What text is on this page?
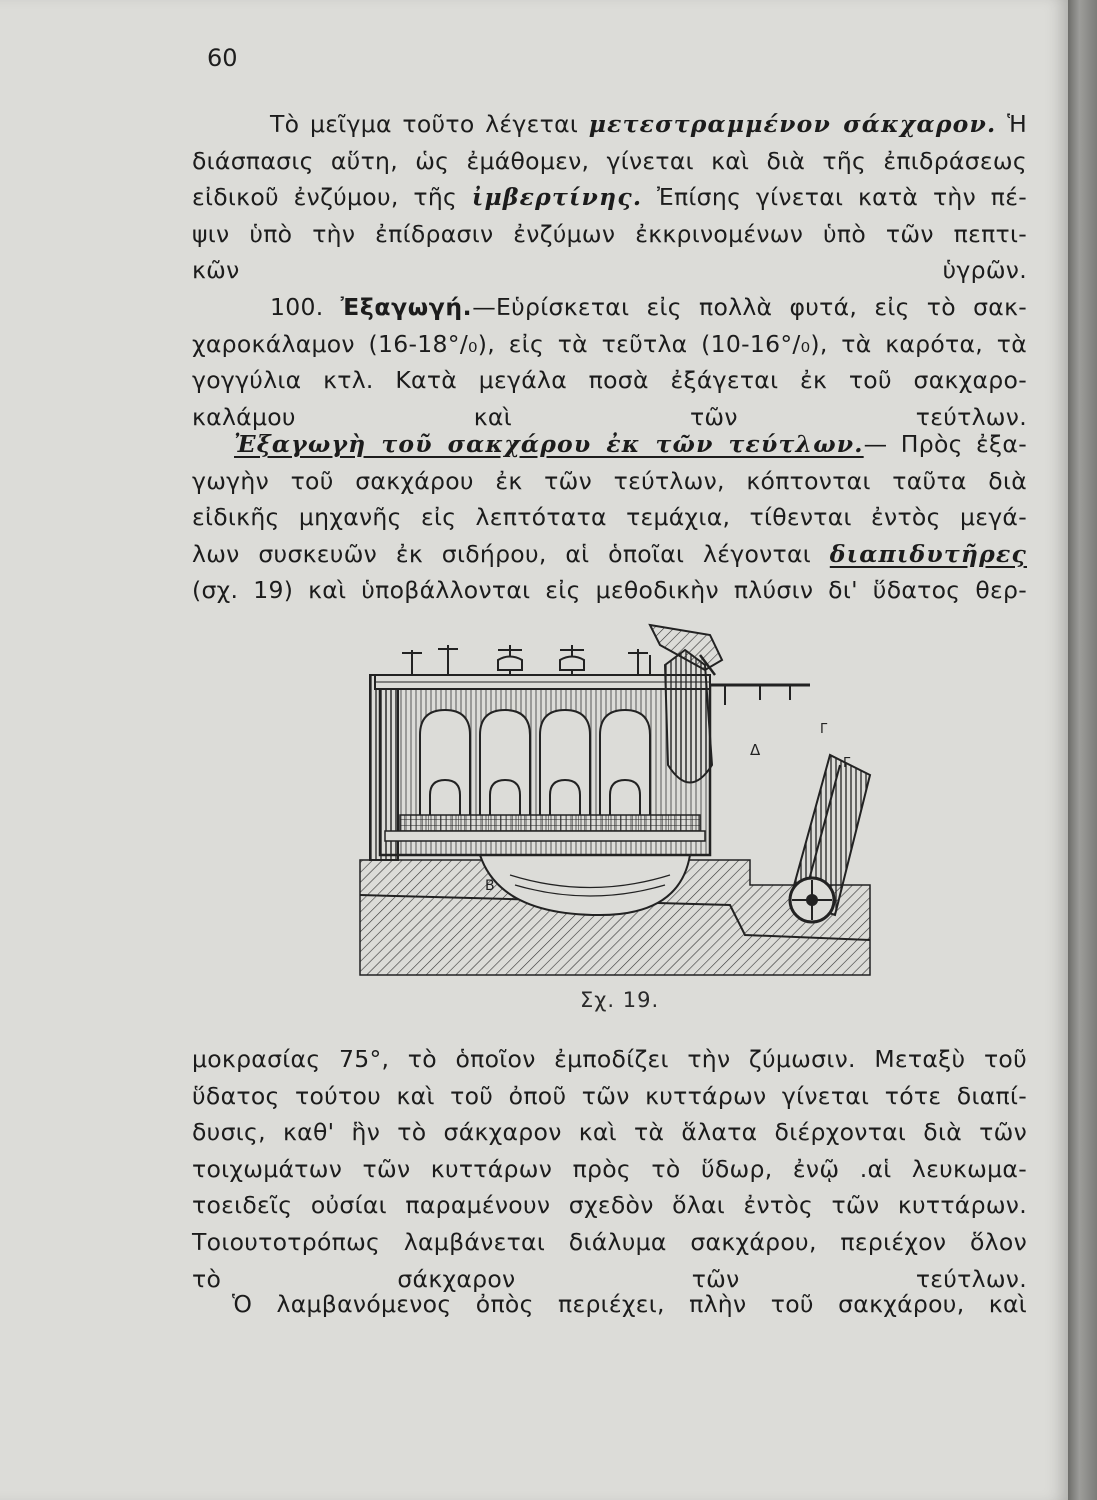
60
Τὸ μεῖγμα τοῦτο λέγεται μετεστραμμένον σάκχαρον. Ἡ
διάσπασις αὕτη, ὡς ἐμάθομεν, γίνεται καὶ διὰ τῆς ἐπιδράσεως
εἰδικοῦ ἐνζύμου, τῆς ἰμβερτίνης. Ἐπίσης γίνεται κατὰ τὴν πέ-
ψιν ὑπὸ τὴν ἐπίδρασιν ἐνζύμων ἐκκρινομένων ὑπὸ τῶν πεπτι-
κῶν ὑγρῶν.
100. Ἐξαγωγή.—Εὑρίσκεται εἰς πολλὰ φυτά, εἰς τὸ σακ-
χαροκάλαμον (16-18°/₀), εἰς τὰ τεῦτλα (10-16°/₀), τὰ καρότα, τὰ
γογγύλια κτλ. Κατὰ μεγάλα ποσὰ ἐξάγεται ἐκ τοῦ σακχαρο-
καλάμου καὶ τῶν τεύτλων.
Ἐξαγωγὴ τοῦ σακχάρου ἐκ τῶν τεύτλων.— Πρὸς ἐξα-
γωγὴν τοῦ σακχάρου ἐκ τῶν τεύτλων, κόπτονται ταῦτα διὰ
εἰδικῆς μηχανῆς εἰς λεπτότατα τεμάχια, τίθενται ἐντὸς μεγά-
λων συσκευῶν ἐκ σιδήρου, αἱ ὁποῖαι λέγονται διαπιδυτῆρες
(σχ. 19) καὶ ὑποβάλλονται εἰς μεθοδικὴν πλύσιν δι' ὕδατος θερ-
Δ
Γ
Γ
B
Σχ. 19.
μοκρασίας 75°, τὸ ὁποῖον ἐμποδίζει τὴν ζύμωσιν. Μεταξὺ τοῦ
ὕδατος τούτου καὶ τοῦ ὀποῦ τῶν κυττάρων γίνεται τότε διαπί-
δυσις, καθ' ἣν τὸ σάκχαρον καὶ τὰ ἅλατα διέρχονται διὰ τῶν
τοιχωμάτων τῶν κυττάρων πρὸς τὸ ὕδωρ, ἐνῷ .αἱ λευκωμα-
τοειδεῖς οὐσίαι παραμένουν σχεδὸν ὅλαι ἐντὸς τῶν κυττάρων.
Τοιουτοτρόπως λαμβάνεται διάλυμα σακχάρου, περιέχον ὅλον
τὸ σάκχαρον τῶν τεύτλων.
Ὁ λαμβανόμενος ὀπὸς περιέχει, πλὴν τοῦ σακχάρου, καὶ
